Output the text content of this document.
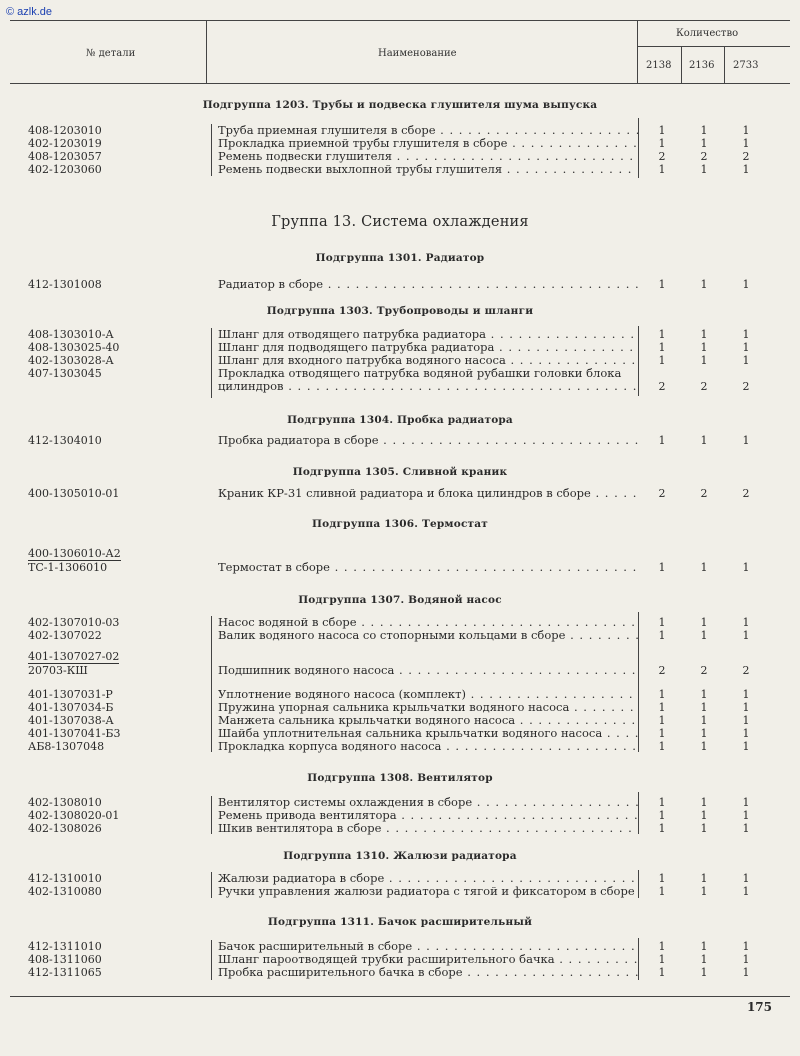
© azlk.de
№ детали	Наименование
Количество
2138 2136 2733
Подгруппа 1203. Трубы и подвеска глушителя шума выпуска
Группа 13. Система охлаждения
Подгруппа 1301. Радиатор
Подгруппа 1303. Трубопроводы и шланги
Подгруппа 1304. Пробка радиатора
Подгруппа 1305. Сливной краник
Подгруппа 1306. Термостат
Подгруппа 1307. Водяной насос
Подгруппа 1308. Вентилятор
Подгруппа 1310. Жалюзи радиатора
Подгруппа 1311. Бачок расширительный
408-1203010	Труба приемная глушителя в сборе . . .	1	1	1
402-1203019	Прокладка приемной трубы глушителя в сборе . . .	1	1	1
408-1203057	Ремень подвески глушителя . . .	2	2	2
402-1203060	Ремень подвески выхлопной трубы глушителя . . .	1	1	1
412-1301008	Радиатор в сборе . . .	1	1	1
408-1303010-А	Шланг для отводящего патрубка радиатора . . .	1	1	1
408-1303025-40	Шланг для подводящего патрубка радиатора . . .	1	1	1
402-1303028-А	Шланг для входного патрубка водяного насоса . . .	1	1	1
407-1303045	Прокладка отводящего патрубка водяной рубашки головки блока
цилиндров . . .	2	2	2
412-1304010	Пробка радиатора в сборе . . .	1	1	1
400-1305010-01	Краник КР-31 сливной радиатора и блока цилиндров в сборе . . .	2	2	2
400-1306010-А2
ТС-1-1306010	Термостат в сборе . . .	1	1	1
402-1307010-03	Насос водяной в сборе . . .	1	1	1
402-1307022	Валик водяного насоса со стопорными кольцами в сборе . . .	1	1	1
401-1307027-02
20703-КШ	Подшипник водяного насоса . . .	2	2	2
401-1307031-Р	Уплотнение водяного насоса (комплект) . . .	1	1	1
401-1307034-Б	Пружина упорная сальника крыльчатки водяного насоса . . .	1	1	1
401-1307038-А	Манжета сальника крыльчатки водяного насоса . . .	1	1	1
401-1307041-Б3	Шайба уплотнительная сальника крыльчатки водяного насоса . . .	1	1	1
АБ8-1307048	Прокладка корпуса водяного насоса . . .	1	1	1
402-1308010	Вентилятор системы охлаждения в сборе . . .	1	1	1
402-1308020-01	Ремень привода вентилятора . . .	1	1	1
402-1308026	Шкив вентилятора в сборе . . .	1	1	1
412-1310010	Жалюзи радиатора в сборе . . .	1	1	1
402-1310080	Ручки управления жалюзи радиатора с тягой и фиксатором в сборе . . .	1	1	1
412-1311010	Бачок расширительный в сборе . . .	1	1	1
408-1311060	Шланг пароотводящей трубки расширительного бачка . . .	1	1	1
412-1311065	Пробка расширительного бачка в сборе . . .	1	1	1
175
